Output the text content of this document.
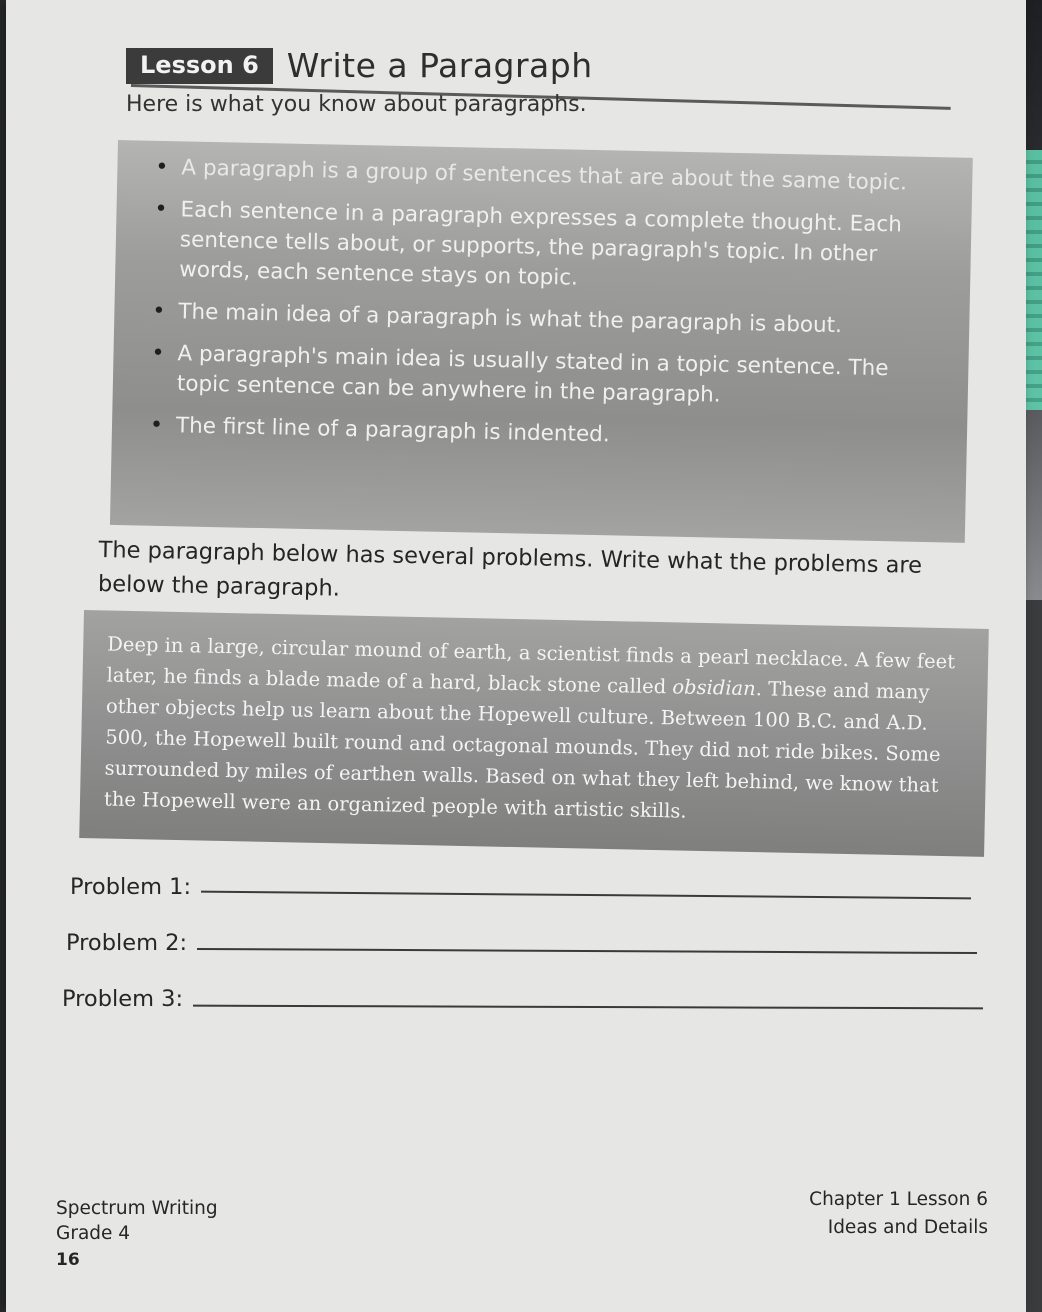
Lesson 6 Write a Paragraph
Here is what you know about paragraphs.
• A paragraph is a group of sentences that are about the same topic.
• Each sentence in a paragraph expresses a complete thought. Each sentence tells about, or supports, the paragraph's topic. In other words, each sentence stays on topic.
• The main idea of a paragraph is what the paragraph is about.
• A paragraph's main idea is usually stated in a topic sentence. The topic sentence can be anywhere in the paragraph.
• The first line of a paragraph is indented.
The paragraph below has several problems. Write what the problems are below the paragraph.

Deep in a large, circular mound of earth, a scientist finds a pearl necklace. A few feet later, he finds a blade made of a hard, black stone called obsidian. These and many other objects help us learn about the Hopewell culture. Between 100 B.C. and A.D. 500, the Hopewell built round and octagonal mounds. They did not ride bikes. Some surrounded by miles of earthen walls. Based on what they left behind, we know that the Hopewell were an organized people with artistic skills.

Problem 1:
Problem 2:
Problem 3:
Spectrum Writing
Grade 4
16
Chapter 1 Lesson 6
Ideas and Details
